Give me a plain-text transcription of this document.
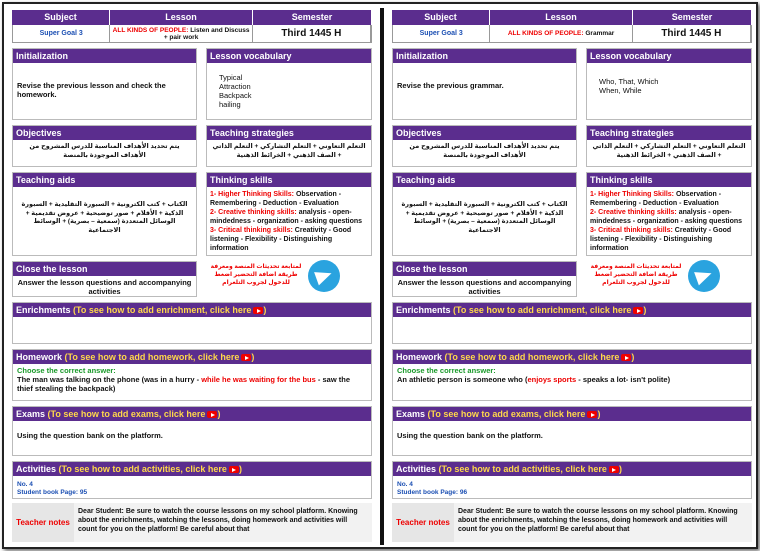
Subject	Lesson	Semester
Super Goal 3	ALL KINDS OF PEOPLE: Listen and Discuss + pair work	Third 1445 H
Initialization
Revise the previous lesson and check the homework.
Lesson vocabulary
Typical
Attraction
Backpack
hailing
Objectives
يتم تحديد الأهداف المناسبة للدرس المشروح من الأهداف الموجودة بالمنصة
Teaching strategies
التعلم التعاوني + التعلم التشاركي + التعلم الذاتي + الصف الذهني + الخرائط الذهنية
Teaching aids
الكتاب + كتب الكترونية + السبورة التقليدية + السبورة الذكية + الأقلام + صور توضيحية + عروض تقديمية + الوسائل المتعددة (سمعية – بصرية) + الوسائط الاجتماعية
Thinking skills
1- Higher Thinking Skills: Observation - Remembering - Deduction - Evaluation
2- Creative thinking skills: analysis - open-mindedness - organization - asking questions
3- Critical thinking skills: Creativity - Good listening - Flexibility - Distinguishing information
Close the lesson
Answer the lesson questions and accompanying activities
لمتابعة تحديثات المنصة ومعرفة طريقة اضافة التحضير اضغط للدخول لجروب التلغرام
Enrichments (To see how to add enrichment, click here )
Homework (To see how to add homework, click here )
Choose the correct answer:
The man was talking on the phone (was in a hurry - while he was waiting for the bus - saw the thief stealing the backpack)
Exams (To see how to add exams, click here )
Using the question bank on the platform.
Activities (To see how to add activities, click here )
No. 4
Student book Page: 95
Teacher notes
Dear Student: Be sure to watch the course lessons on my school platform. Knowing about the enrichments, watching the lessons, doing homework and activities will count for you on the platform! Be careful about that
Subject	Lesson	Semester
Super Goal 3	ALL KINDS OF PEOPLE: Grammar	Third 1445 H
Initialization
Revise the previous grammar.
Lesson vocabulary
Who, That, Which
When, While
Objectives
يتم تحديد الأهداف المناسبة للدرس المشروح من الأهداف الموجودة بالمنصة
Teaching strategies
التعلم التعاوني + التعلم التشاركي + التعلم الذاتي + الصف الذهني + الخرائط الذهنية
Teaching aids
الكتاب + كتب الكترونية + السبورة التقليدية + السبورة الذكية + الأقلام + صور توضيحية + عروض تقديمية + الوسائل المتعددة (سمعية – بصرية) + الوسائط الاجتماعية
Thinking skills
1- Higher Thinking Skills: Observation - Remembering - Deduction - Evaluation
2- Creative thinking skills: analysis - open-mindedness - organization - asking questions
3- Critical thinking skills: Creativity - Good listening - Flexibility - Distinguishing information
Close the lesson
Answer the lesson questions and accompanying activities
لمتابعة تحديثات المنصة ومعرفة طريقة اضافة التحضير اضغط للدخول لجروب التلغرام
Enrichments (To see how to add enrichment, click here )
Homework (To see how to add homework, click here )
Choose the correct answer:
An athletic person is someone who (enjoys sports - speaks a lot- isn't polite)
Exams (To see how to add exams, click here )
Using the question bank on the platform.
Activities (To see how to add activities, click here )
No. 4
Student book Page: 96
Teacher notes
Dear Student: Be sure to watch the course lessons on my school platform. Knowing about the enrichments, watching the lessons, doing homework and activities will count for you on the platform! Be careful about that
